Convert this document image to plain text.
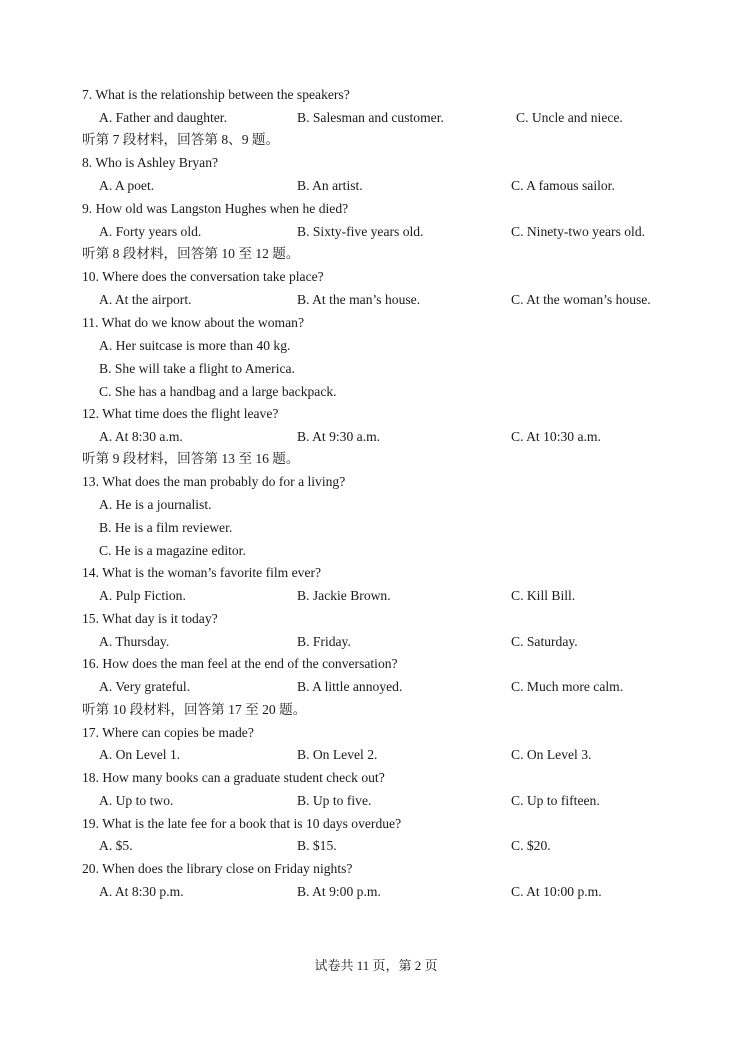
7. What is the relationship between the speakers?
A. Father and daughter.	B. Salesman and customer.	C. Uncle and niece.
听第 7 段材料，回答第 8、9 题。
8. Who is Ashley Bryan?
A. A poet.	B. An artist.	C. A famous sailor.
9. How old was Langston Hughes when he died?
A. Forty years old.	B. Sixty-five years old.	C. Ninety-two years old.
听第 8 段材料，回答第 10 至 12 题。
10. Where does the conversation take place?
A. At the airport.	B. At the man’s house.	C. At the woman’s house.
11. What do we know about the woman?
A. Her suitcase is more than 40 kg.
B. She will take a flight to America.
C. She has a handbag and a large backpack.
12. What time does the flight leave?
A. At 8:30 a.m.	B. At 9:30 a.m.	C. At 10:30 a.m.
听第 9 段材料，回答第 13 至 16 题。
13. What does the man probably do for a living?
A. He is a journalist.
B. He is a film reviewer.
C. He is a magazine editor.
14. What is the woman’s favorite film ever?
A. Pulp Fiction.	B. Jackie Brown.	C. Kill Bill.
15. What day is it today?
A. Thursday.	B. Friday.	C. Saturday.
16. How does the man feel at the end of the conversation?
A. Very grateful.	B. A little annoyed.	C. Much more calm.
听第 10 段材料，回答第 17 至 20 题。
17. Where can copies be made?
A. On Level 1.	B. On Level 2.	C. On Level 3.
18. How many books can a graduate student check out?
A. Up to two.	B. Up to five.	C. Up to fifteen.
19. What is the late fee for a book that is 10 days overdue?
A. $5.	B. $15.	C. $20.
20. When does the library close on Friday nights?
A. At 8:30 p.m.	B. At 9:00 p.m.	C. At 10:00 p.m.
试卷共 11 页，第 2 页
